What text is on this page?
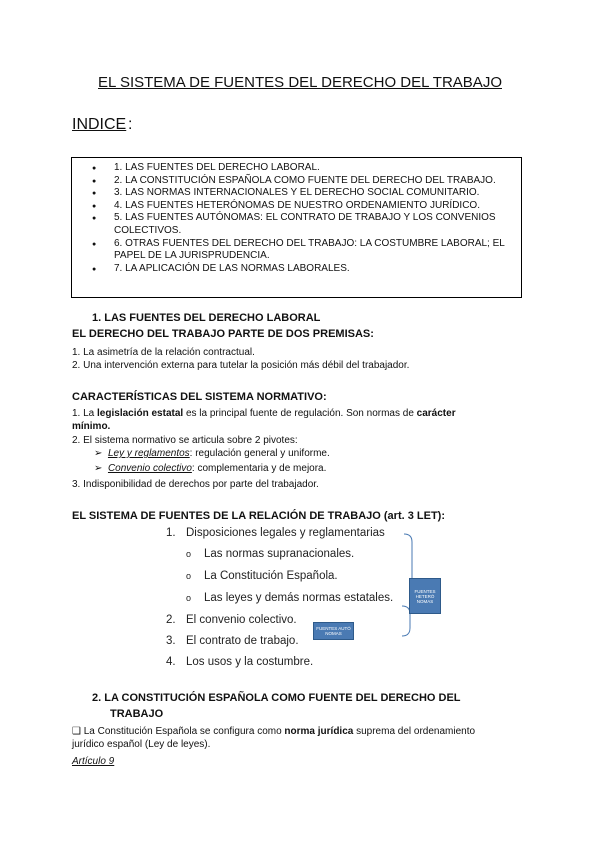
EL SISTEMA DE FUENTES DEL DERECHO DEL TRABAJO
INDICE :
● 1. LAS FUENTES DEL DERECHO LABORAL.
● 2. LA CONSTITUCIÓN ESPAÑOLA COMO FUENTE DEL DERECHO DEL TRABAJO.
● 3. LAS NORMAS INTERNACIONALES Y EL DERECHO SOCIAL COMUNITARIO.
● 4. LAS FUENTES HETERÓNOMAS DE NUESTRO ORDENAMIENTO JURÍDICO.
● 5. LAS FUENTES AUTÓNOMAS: EL CONTRATO DE TRABAJO Y LOS CONVENIOS COLECTIVOS.
● 6. OTRAS FUENTES DEL DERECHO DEL TRABAJO: LA COSTUMBRE LABORAL; EL PAPEL DE LA JURISPRUDENCIA.
● 7. LA APLICACIÓN DE LAS NORMAS LABORALES.
1. LAS FUENTES DEL DERECHO LABORAL
EL DERECHO DEL TRABAJO PARTE DE DOS PREMISAS:
1. La asimetría de la relación contractual.
2. Una intervención externa para tutelar la posición más débil del trabajador.
CARACTERÍSTICAS DEL SISTEMA NORMATIVO:
1. La legislación estatal es la principal fuente de regulación. Son normas de carácter
mínimo.
2. El sistema normativo se articula sobre 2 pivotes:
➢ Ley y reglamentos: regulación general y uniforme.
➢ Convenio colectivo: complementaria y de mejora.
3. Indisponibilidad de derechos por parte del trabajador.
EL SISTEMA DE FUENTES DE LA RELACIÓN DE TRABAJO (art. 3 LET):
1. Disposiciones legales y reglamentarias
o Las normas supranacionales.
o La Constitución Española.
o Las leyes y demás normas estatales.
2. El convenio colectivo.
3. El contrato de trabajo.
4. Los usos y la costumbre.
FUENTES HETERÓ NOMAS
FUENTES AUTÓ NOMAS
2. LA CONSTITUCIÓN ESPAÑOLA COMO FUENTE DEL DERECHO DEL
TRABAJO
❑ La Constitución Española se configura como norma jurídica suprema del ordenamiento
jurídico español (Ley de leyes).
Artículo 9
